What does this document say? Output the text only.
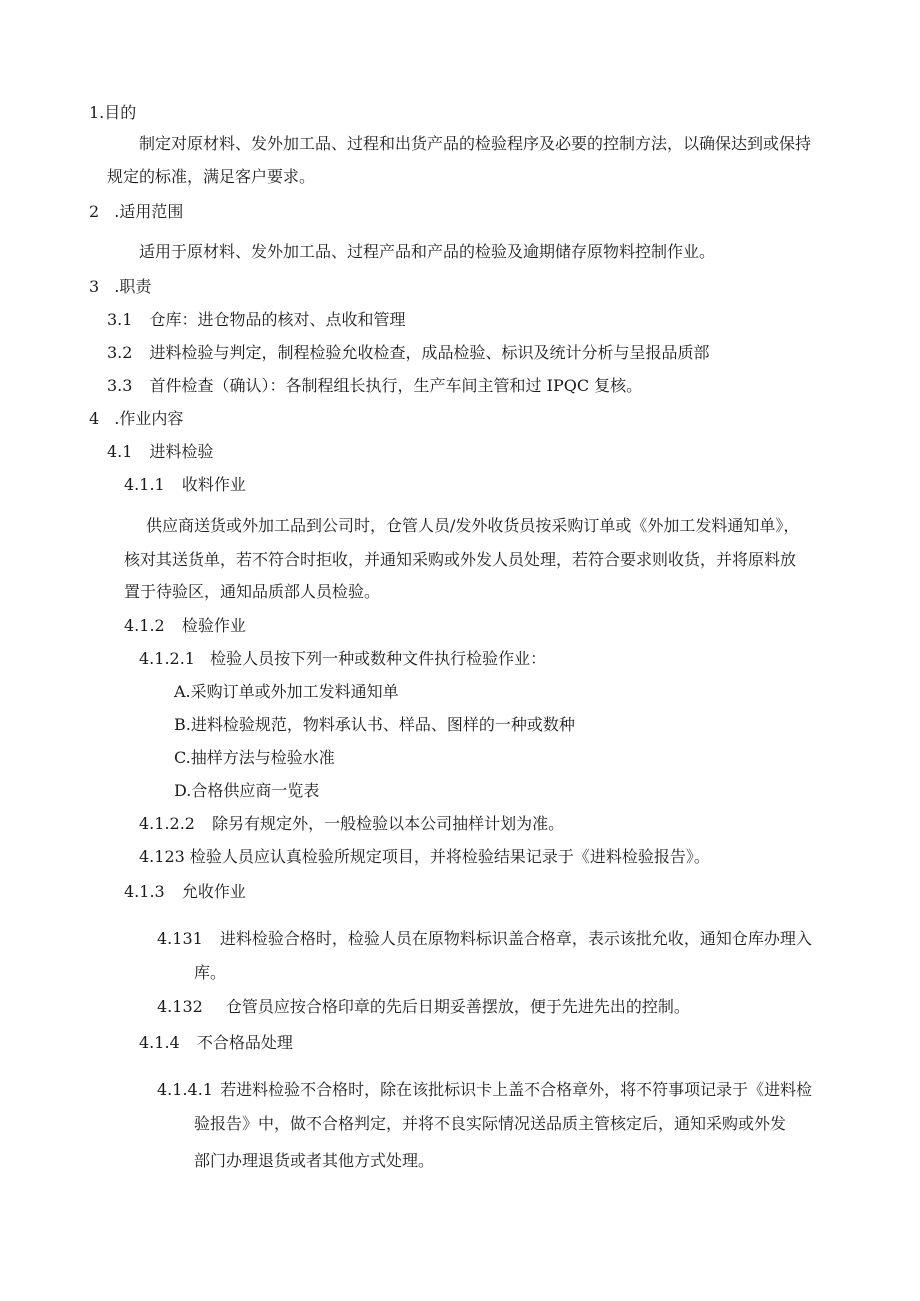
1.目的
制定对原材料、发外加工品、过程和出货产品的检验程序及必要的控制方法，以确保达到或保持
规定的标准，满足客户要求。
2 .适用范围
适用于原材料、发外加工品、过程产品和产品的检验及逾期储存原物料控制作业。
3 .职责
3.1 仓库：进仓物品的核对、点收和管理
3.2 进料检验与判定，制程检验允收检查，成品检验、标识及统计分析与呈报品质部
3.3 首件检查（确认）：各制程组长执行，生产车间主管和过 IPQC 复核。
4 .作业内容
4.1 进料检验
4.1.1 收料作业
供应商送货或外加工品到公司时，仓管人员/发外收货员按采购订单或《外加工发料通知单》，
核对其送货单，若不符合时拒收，并通知采购或外发人员处理，若符合要求则收货，并将原料放
置于待验区，通知品质部人员检验。
4.1.2 检验作业
4.1.2.1 检验人员按下列一种或数种文件执行检验作业：
A.采购订单或外加工发料通知单
B.进料检验规范，物料承认书、样品、图样的一种或数种
C.抽样方法与检验水准
D.合格供应商一览表
4.1.2.2 除另有规定外，一般检验以本公司抽样计划为准。
4.123 检验人员应认真检验所规定项目，并将检验结果记录于《进料检验报告》。
4.1.3 允收作业
4.131 进料检验合格时，检验人员在原物料标识盖合格章，表示该批允收，通知仓库办理入
库。
4.132 仓管员应按合格印章的先后日期妥善摆放，便于先进先出的控制。
4.1.4 不合格品处理
4.1.4.1 若进料检验不合格时，除在该批标识卡上盖不合格章外，将不符事项记录于《进料检
验报告》中，做不合格判定，并将不良实际情况送品质主管核定后，通知采购或外发
部门办理退货或者其他方式处理。
